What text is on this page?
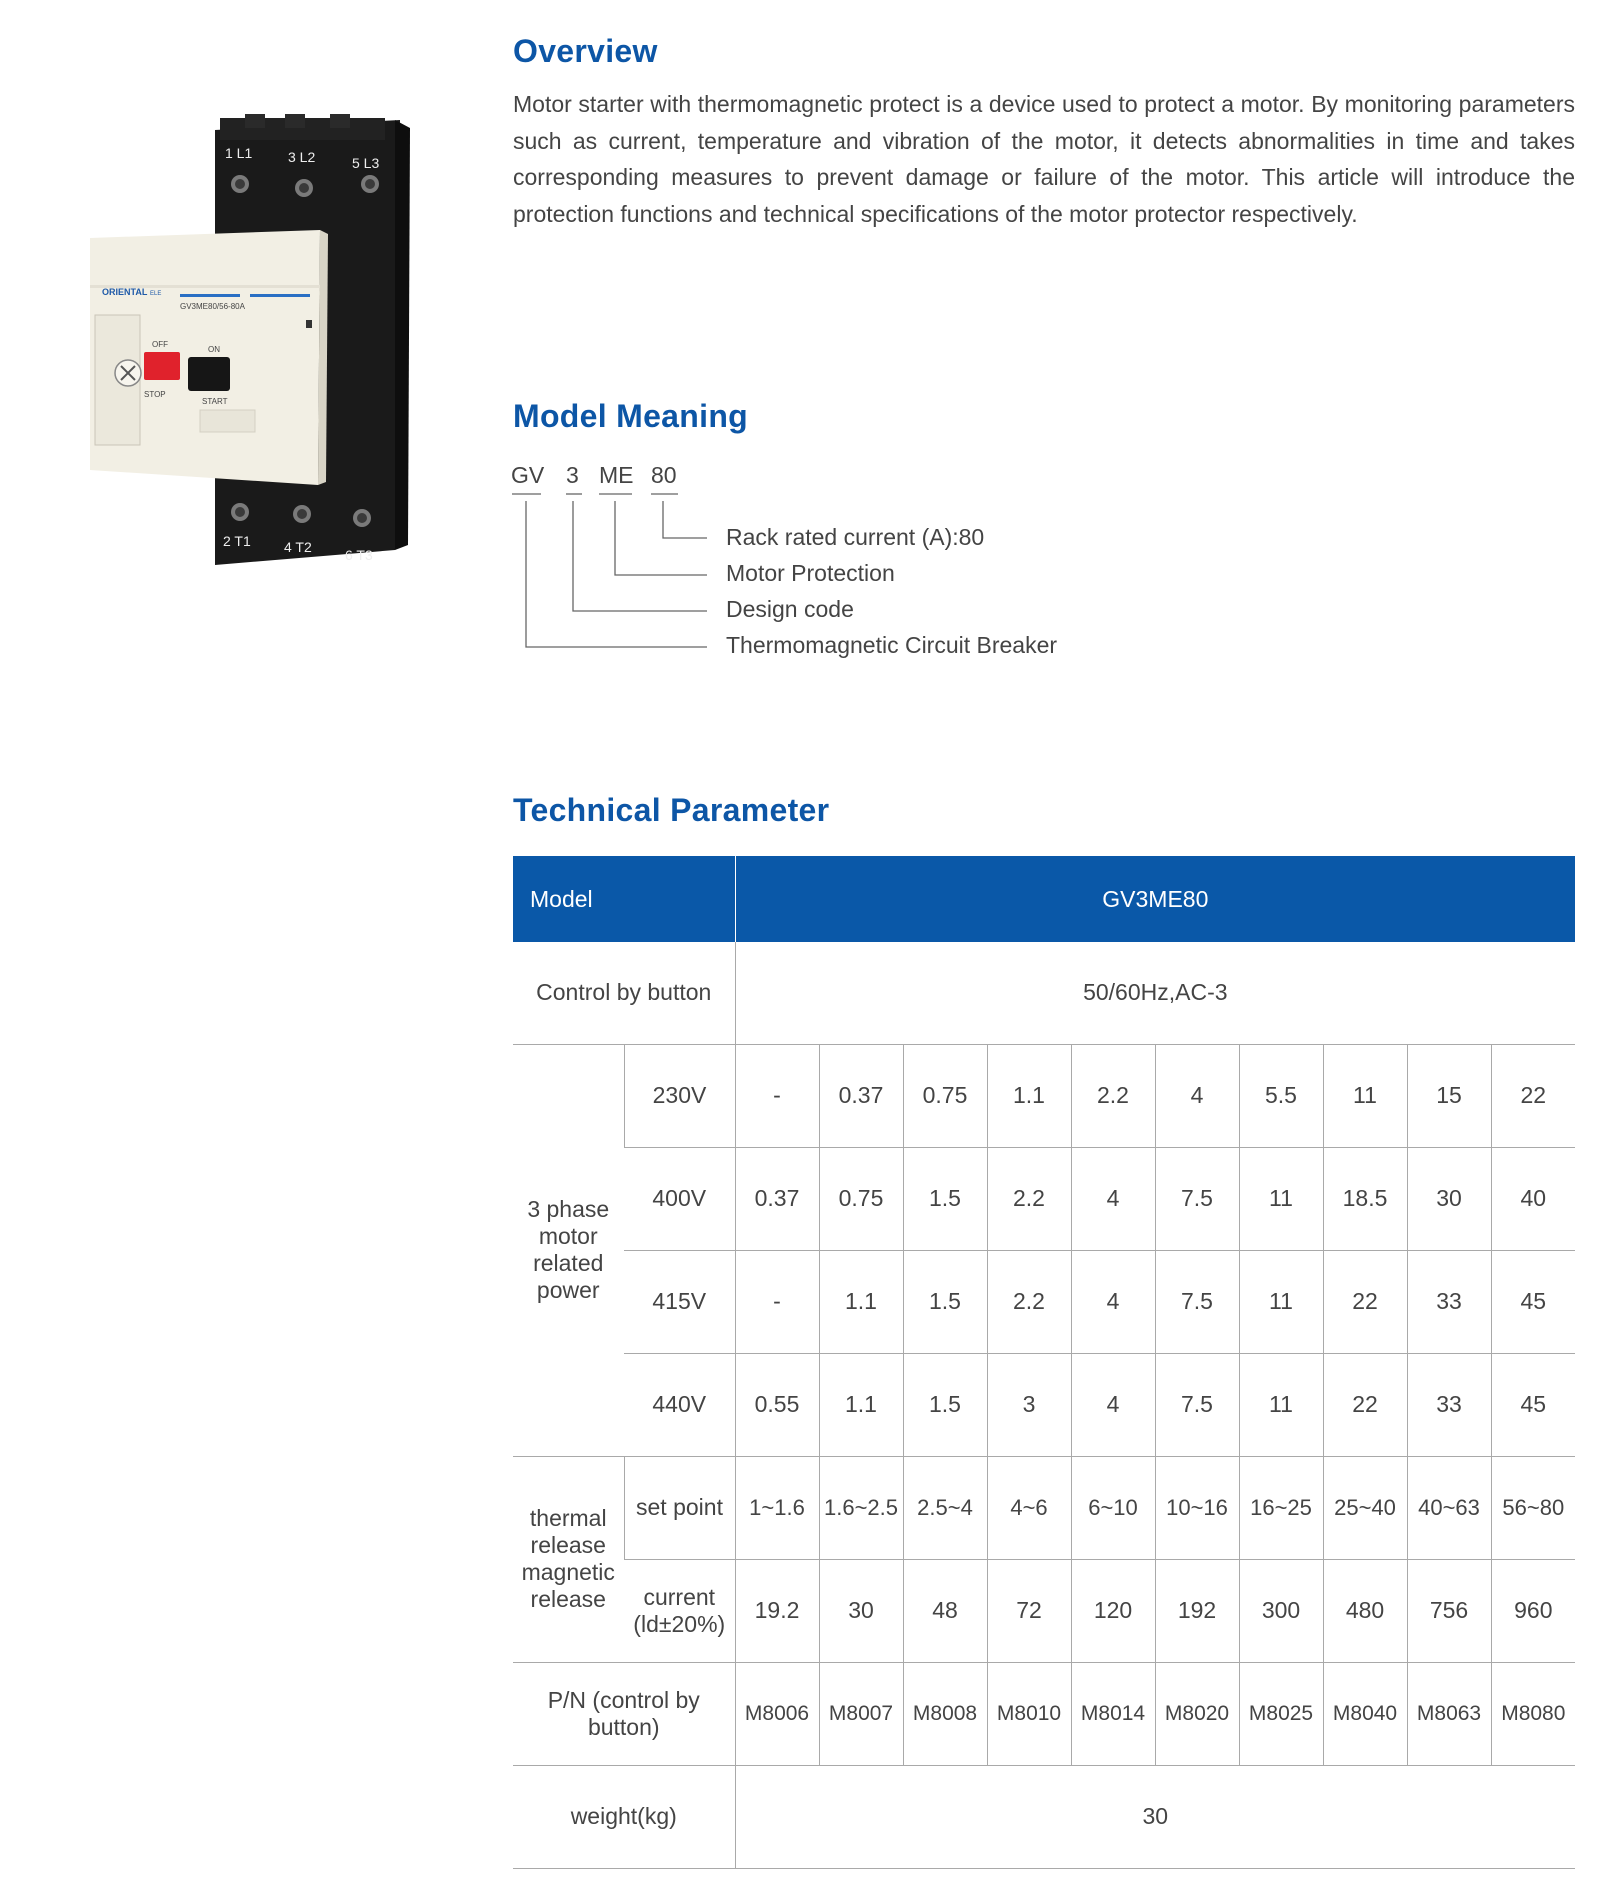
1 L1	3 L2	5 L3
2 T1 4 T2 6 T3
ORIENTAL ELE
GV3ME80/56-80A
OFF
STOP
ON
START
Overview

Motor starter with thermomagnetic protect is a device used to protect a motor. By monitoring parameters such as current, temperature and vibration of the motor, it detects abnormalities in time and takes corresponding measures to prevent damage or failure of the motor. This article will introduce the protection functions and technical specifications of the motor protector respectively.

Model Meaning
GV 3 ME 80
Rack rated current (A):80
Motor Protection
Design code
Thermomagnetic Circuit Breaker
Technical Parameter
Model		GV3ME80									
Control by button		50/60Hz,AC-3									
3 phase motor related power	230V	-	0.37	0.75	1.1	2.2	4	5.5	11	15	22
	400V	0.37	0.75	1.5	2.2	4	7.5	11	18.5	30	40
	415V	-	1.1	1.5	2.2	4	7.5	11	22	33	45
	440V	0.55	1.1	1.5	3	4	7.5	11	22	33	45
thermal release magnetic release	set point	1~1.6	1.6~2.5	2.5~4	4~6	6~10	10~16	16~25	25~40	40~63	56~80
	current (ld±20%)	19.2	30	48	72	120	192	300	480	756	960
P/N (control by button)		M8006	M8007	M8008	M8010	M8014	M8020	M8025	M8040	M8063	M8080
weight(kg)		30									
